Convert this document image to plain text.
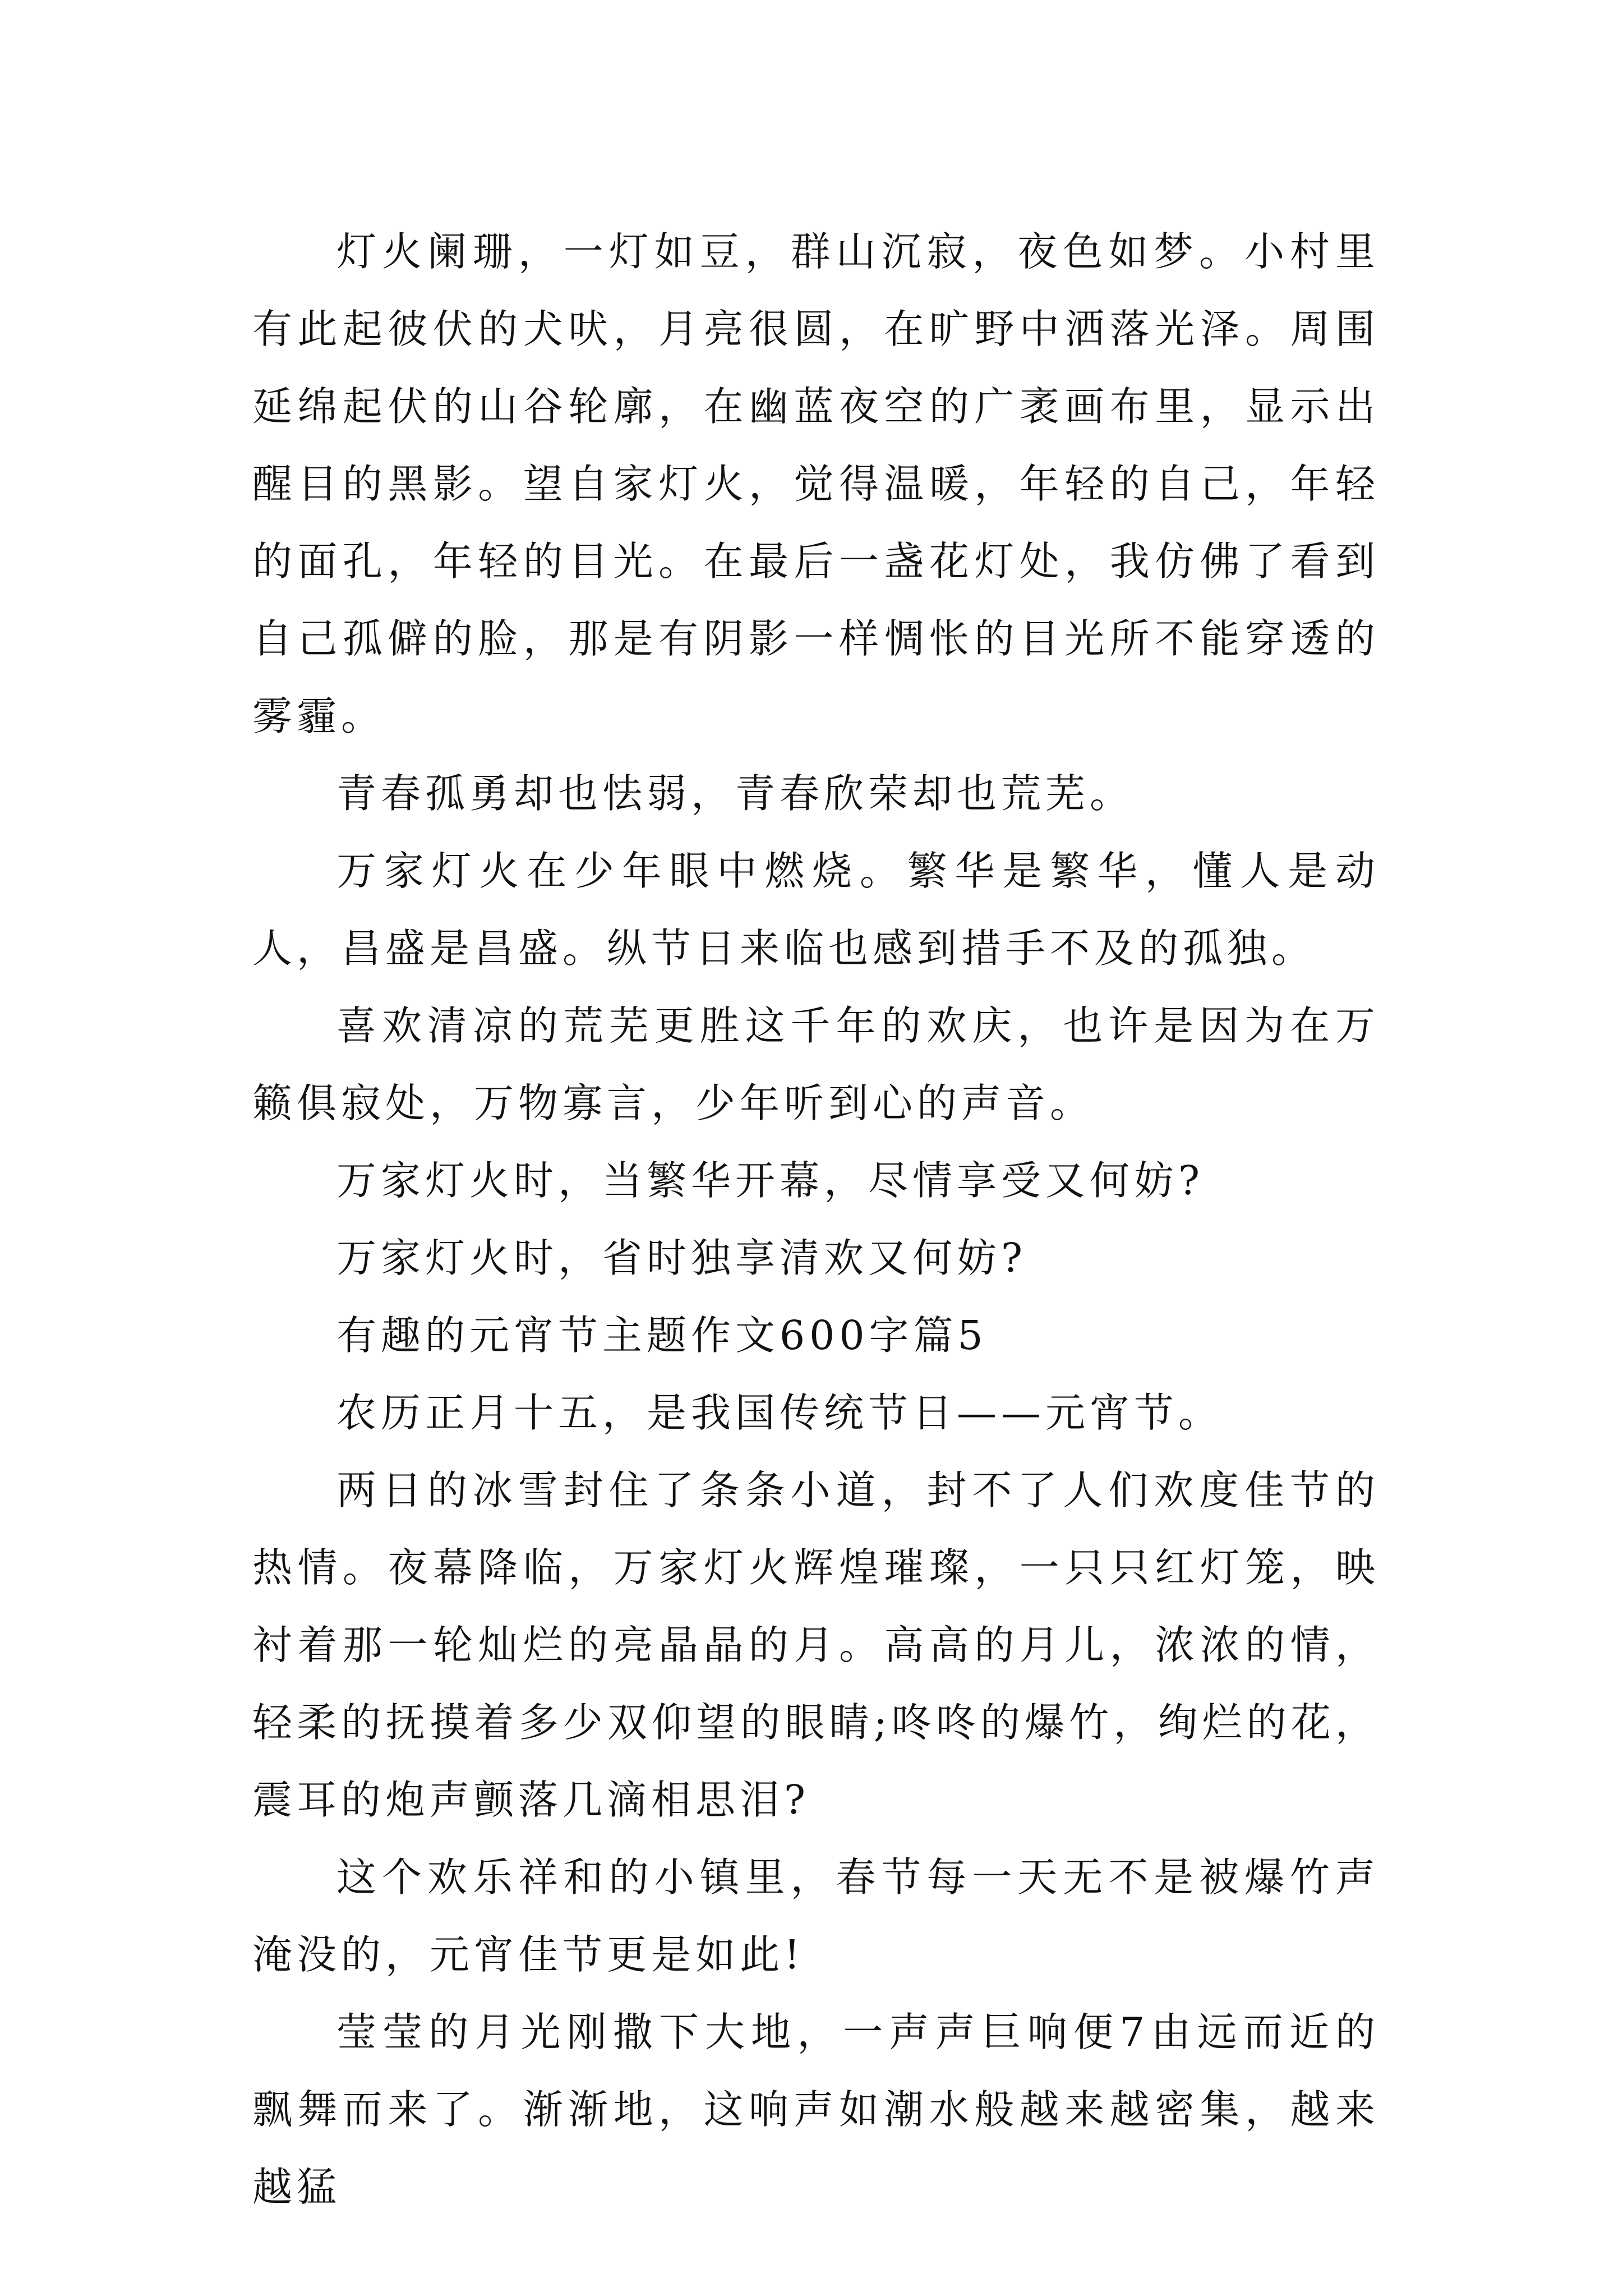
灯火阑珊，一灯如豆，群山沉寂，夜色如梦。小村里有此起彼伏的犬吠，月亮很圆，在旷野中洒落光泽。周围延绵起伏的山谷轮廓，在幽蓝夜空的广袤画布里，显示出醒目的黑影。望自家灯火，觉得温暖，年轻的自己，年轻的面孔，年轻的目光。在最后一盏花灯处，我仿佛了看到自己孤僻的脸，那是有阴影一样惆怅的目光所不能穿透的雾霾。

青春孤勇却也怯弱，青春欣荣却也荒芜。

万家灯火在少年眼中燃烧。繁华是繁华，懂人是动人，昌盛是昌盛。纵节日来临也感到措手不及的孤独。

喜欢清凉的荒芜更胜这千年的欢庆，也许是因为在万籁俱寂处，万物寡言，少年听到心的声音。

万家灯火时，当繁华开幕，尽情享受又何妨?

万家灯火时，省时独享清欢又何妨?

有趣的元宵节主题作文600字篇5

农历正月十五，是我国传统节日——元宵节。

两日的冰雪封住了条条小道，封不了人们欢度佳节的热情。夜幕降临，万家灯火辉煌璀璨，一只只红灯笼，映衬着那一轮灿烂的亮晶晶的月。高高的月儿，浓浓的情，轻柔的抚摸着多少双仰望的眼睛;咚咚的爆竹，绚烂的花，震耳的炮声颤落几滴相思泪?

这个欢乐祥和的小镇里，春节每一天无不是被爆竹声淹没的，元宵佳节更是如此!

莹莹的月光刚撒下大地，一声声巨响便7由远而近的飘舞而来了。渐渐地，这响声如潮水般越来越密集，越来越猛
